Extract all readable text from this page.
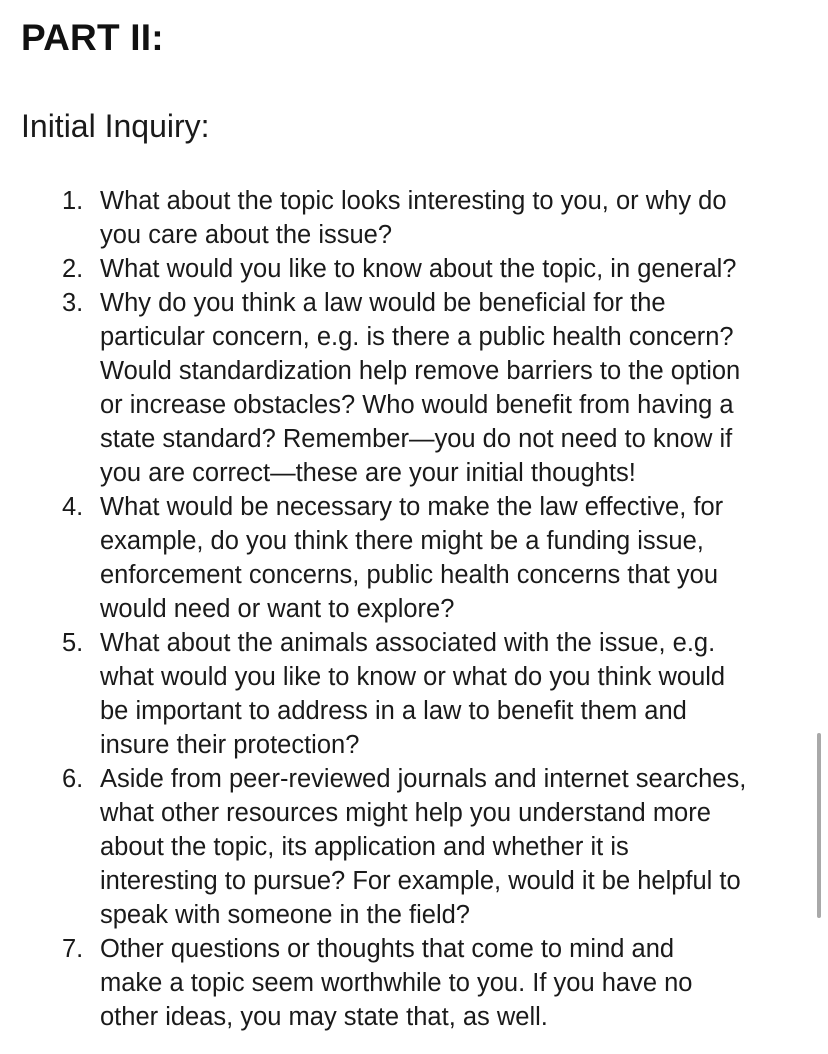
PART II:
Initial Inquiry:
1. What about the topic looks interesting to you, or why do
you care about the issue?
2. What would you like to know about the topic, in general?
3. Why do you think a law would be beneficial for the
particular concern, e.g. is there a public health concern?
Would standardization help remove barriers to the option
or increase obstacles? Who would benefit from having a
state standard? Remember—you do not need to know if
you are correct—these are your initial thoughts!
4. What would be necessary to make the law effective, for
example, do you think there might be a funding issue,
enforcement concerns, public health concerns that you
would need or want to explore?
5. What about the animals associated with the issue, e.g.
what would you like to know or what do you think would
be important to address in a law to benefit them and
insure their protection?
6. Aside from peer-reviewed journals and internet searches,
what other resources might help you understand more
about the topic, its application and whether it is
interesting to pursue? For example, would it be helpful to
speak with someone in the field?
7. Other questions or thoughts that come to mind and
make a topic seem worthwhile to you. If you have no
other ideas, you may state that, as well.
